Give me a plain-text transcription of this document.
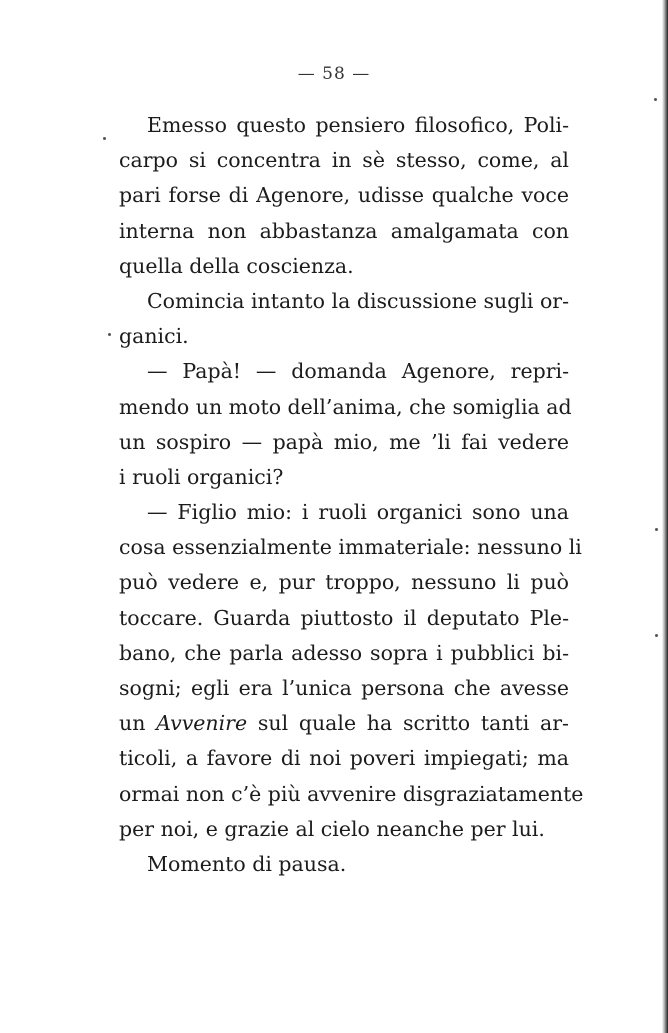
— 58 —
Emesso questo pensiero filosofico, Poli-
carpo si concentra in sè stesso, come, al
pari forse di Agenore, udisse qualche voce
interna non abbastanza amalgamata con
quella della coscienza.
Comincia intanto la discussione sugli or-
ganici.
— Papà! — domanda Agenore, repri-
mendo un moto dell’anima, che somiglia ad
un sospiro — papà mio, me ’li fai vedere
i ruoli organici?
— Figlio mio: i ruoli organici sono una
cosa essenzialmente immateriale: nessuno li
può vedere e, pur troppo, nessuno li può
toccare. Guarda piuttosto il deputato Ple-
bano, che parla adesso sopra i pubblici bi-
sogni; egli era l’unica persona che avesse
un Avvenire sul quale ha scritto tanti ar-
ticoli, a favore di noi poveri impiegati; ma
ormai non c’è più avvenire disgraziatamente
per noi, e grazie al cielo neanche per lui.
Momento di pausa.
